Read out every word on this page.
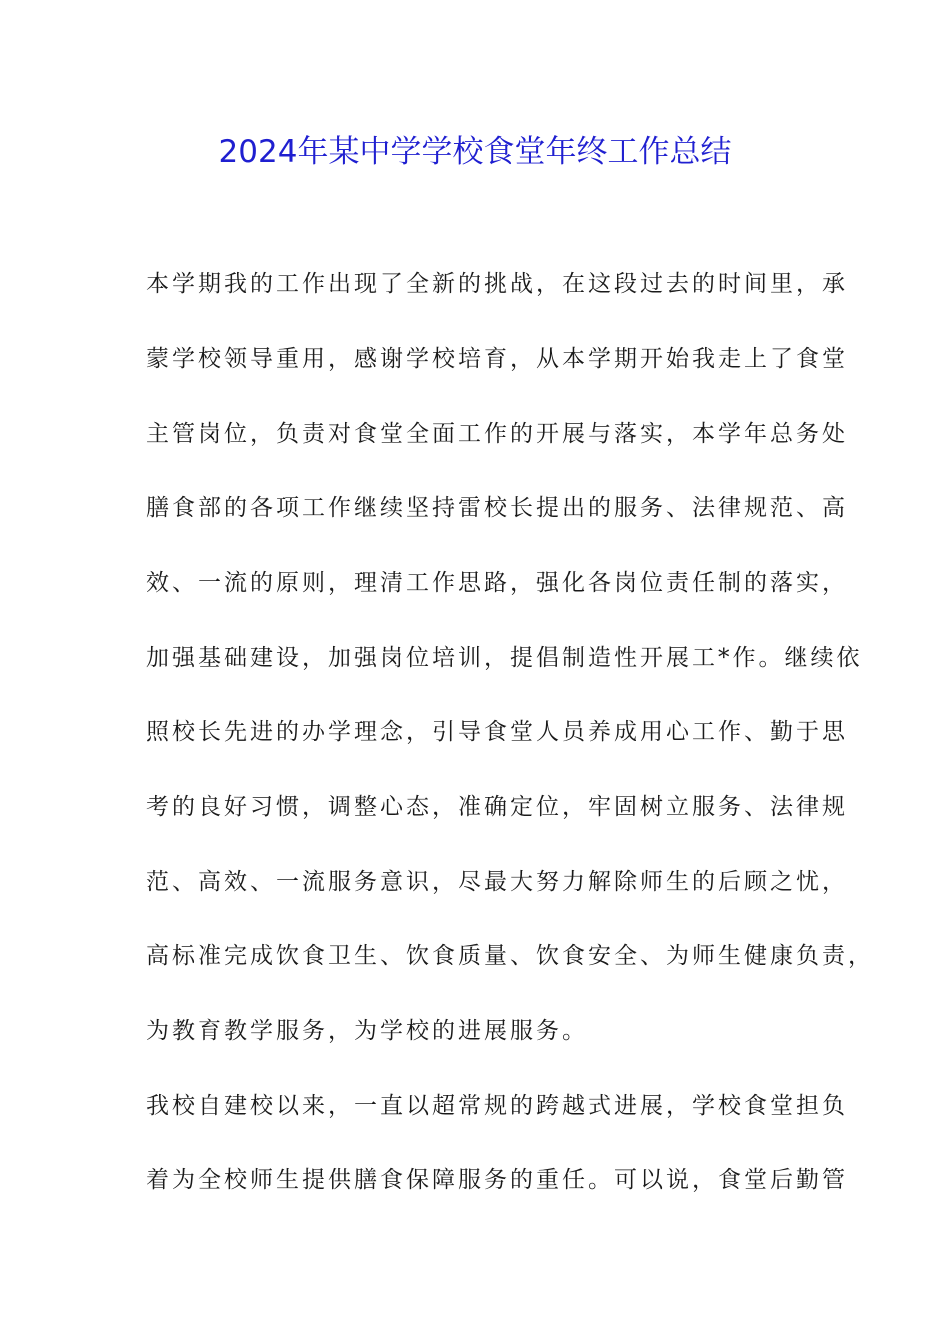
2024年某中学学校食堂年终工作总结
本学期我的工作出现了全新的挑战，在这段过去的时间里，承
蒙学校领导重用，感谢学校培育，从本学期开始我走上了食堂
主管岗位，负责对食堂全面工作的开展与落实，本学年总务处
膳食部的各项工作继续坚持雷校长提出的服务、法律规范、高
效、一流的原则，理清工作思路，强化各岗位责任制的落实，
加强基础建设，加强岗位培训，提倡制造性开展工*作。继续依
照校长先进的办学理念，引导食堂人员养成用心工作、勤于思
考的良好习惯，调整心态，准确定位，牢固树立服务、法律规
范、高效、一流服务意识，尽最大努力解除师生的后顾之忧，
高标准完成饮食卫生、饮食质量、饮食安全、为师生健康负责，
为教育教学服务，为学校的进展服务。
我校自建校以来，一直以超常规的跨越式进展，学校食堂担负
着为全校师生提供膳食保障服务的重任。可以说，食堂后勤管
